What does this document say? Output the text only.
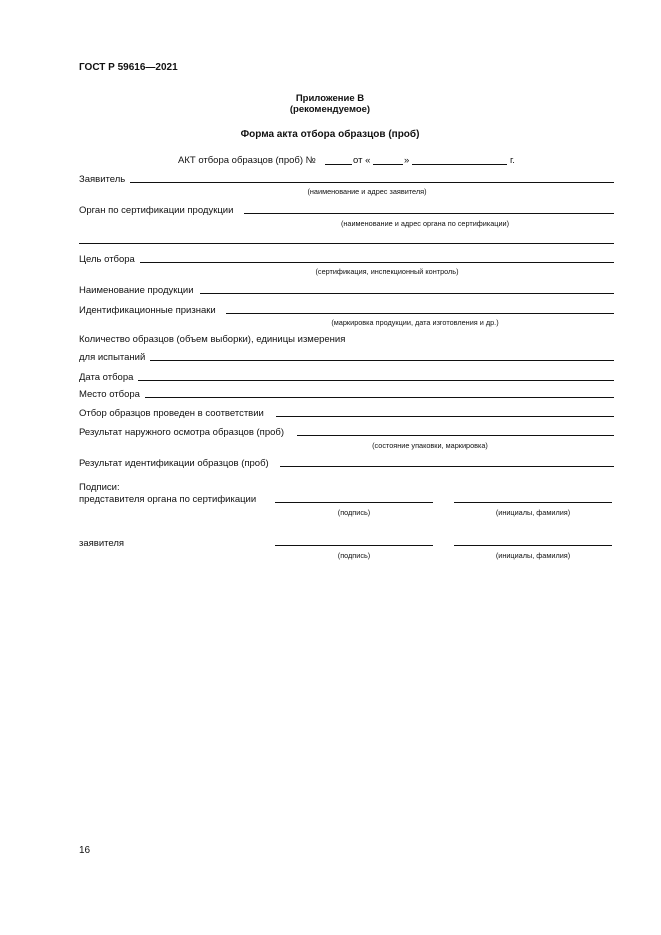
ГОСТ Р 59616—2021
Приложение В
(рекомендуемое)
Форма акта отбора образцов (проб)
АКТ отбора образцов (проб) №	от «	»	г.
Заявитель
(наименование и адрес заявителя)
Орган по сертификации продукции
(наименование и адрес органа по сертификации)
Цель отбора
(сертификация, инспекционный контроль)
Наименование продукции
Идентификационные признаки
(маркировка продукции, дата изготовления и др.)
Количество образцов (объем выборки), единицы измерения
для испытаний
Дата отбора
Место отбора
Отбор образцов проведен в соответствии
Результат наружного осмотра образцов (проб)
(состояние упаковки, маркировка)
Результат идентификации образцов (проб)
Подписи:
представителя органа по сертификации
(подпись)	(инициалы, фамилия)
заявителя
(подпись)	(инициалы, фамилия)
16
